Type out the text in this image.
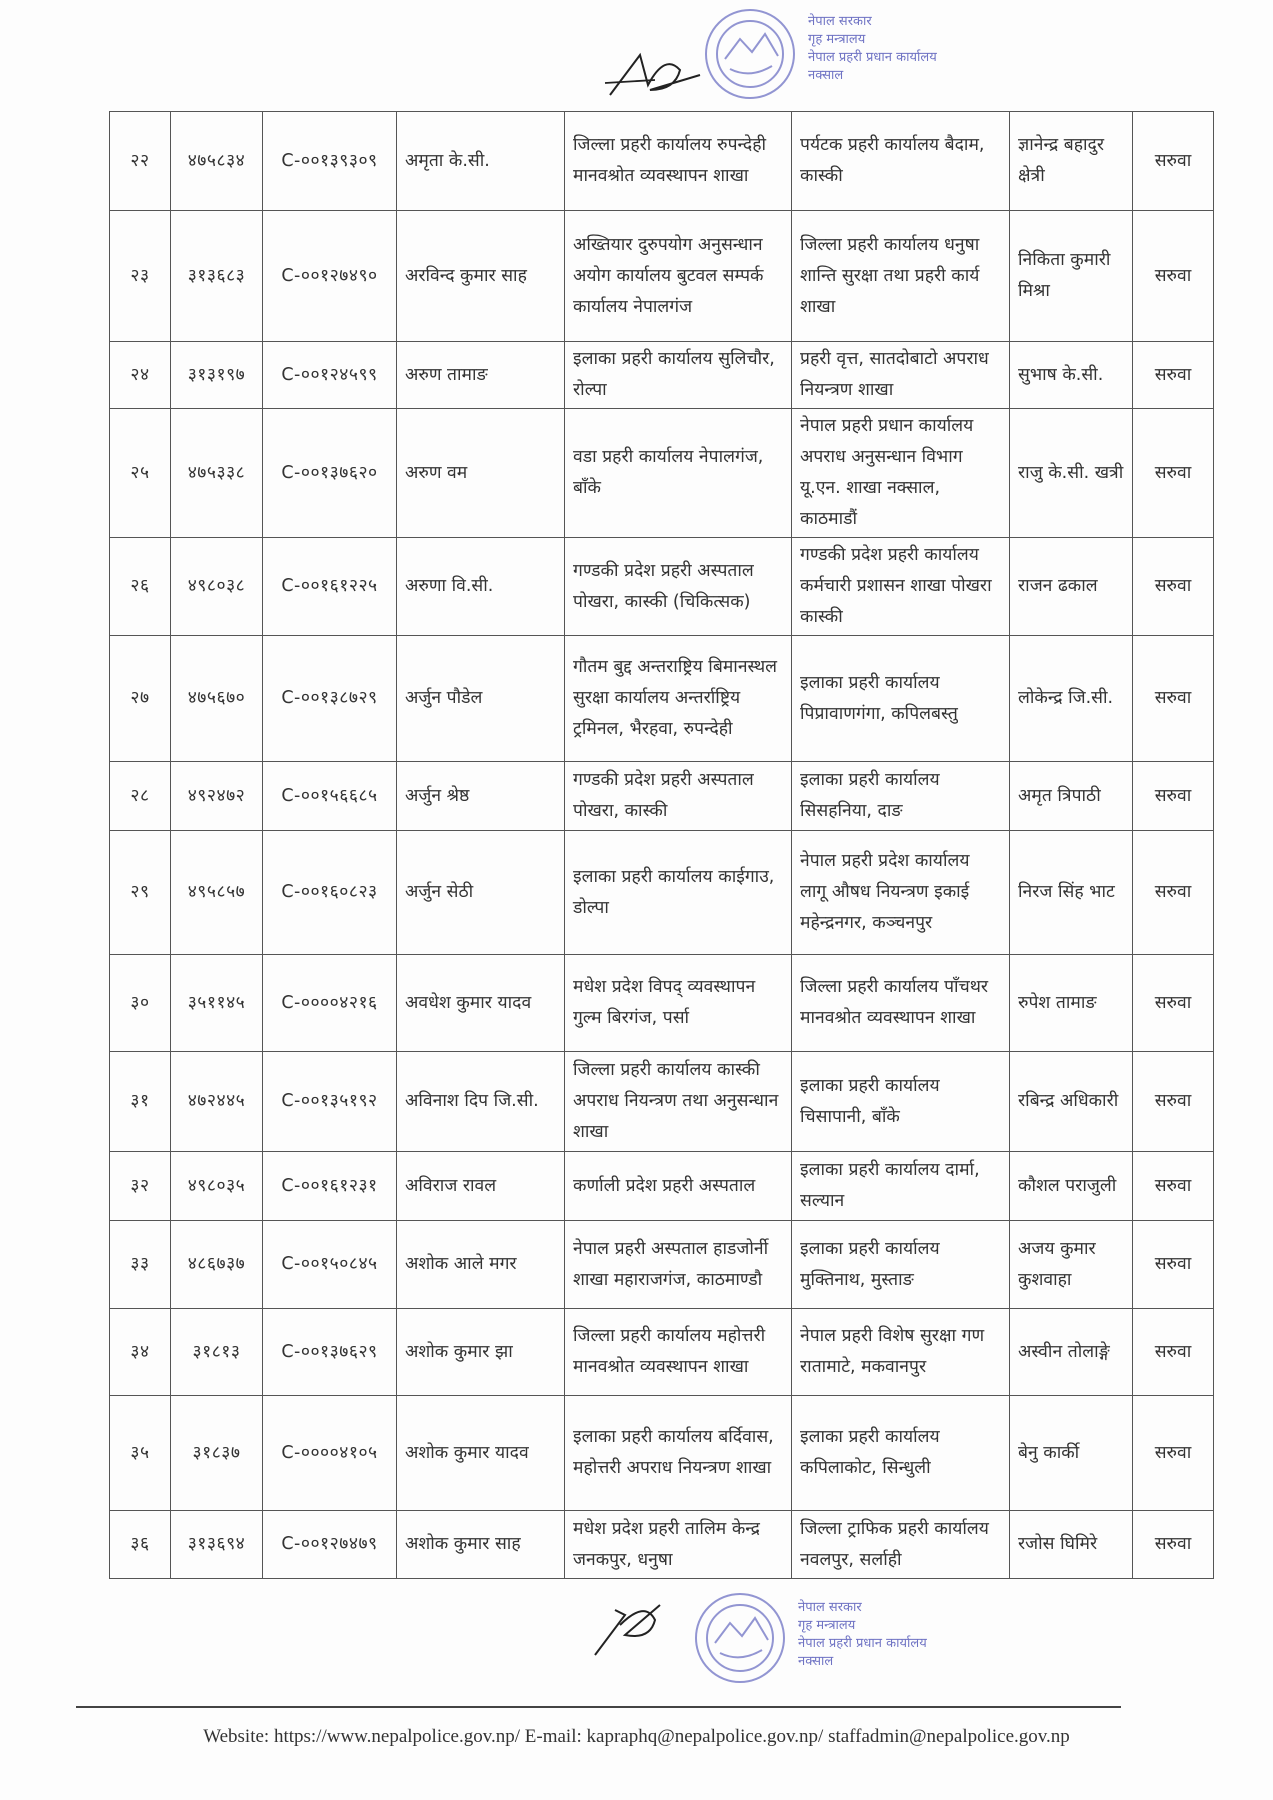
नेपाल सरकार
गृह मन्त्रालय
नेपाल प्रहरी प्रधान कार्यालय
नक्साल
२२	४७५८३४	C-००१३९३०९	अमृता के.सी.	जिल्ला प्रहरी कार्यालय रुपन्देही मानवश्रोत व्यवस्थापन शाखा	पर्यटक प्रहरी कार्यालय बैदाम, कास्की	ज्ञानेन्द्र बहादुर क्षेत्री	सरुवा
२३	३१३६८३	C-००१२७४९०	अरविन्द कुमार साह	अख्तियार दुरुपयोग अनुसन्धान अयोग कार्यालय बुटवल सम्पर्क कार्यालय नेपालगंज	जिल्ला प्रहरी कार्यालय धनुषा शान्ति सुरक्षा तथा प्रहरी कार्य शाखा	निकिता कुमारी मिश्रा	सरुवा
२४	३१३१९७	C-००१२४५९९	अरुण तामाङ	इलाका प्रहरी कार्यालय सुलिचौर, रोल्पा	प्रहरी वृत्त, सातदोबाटो अपराध नियन्त्रण शाखा	सुभाष के.सी.	सरुवा
२५	४७५३३८	C-००१३७६२०	अरुण वम	वडा प्रहरी कार्यालय नेपालगंज, बाँके	नेपाल प्रहरी प्रधान कार्यालय अपराध अनुसन्धान विभाग यू.एन. शाखा नक्साल, काठमाडौं	राजु के.सी. खत्री	सरुवा
२६	४९८०३८	C-००१६१२२५	अरुणा वि.सी.	गण्डकी प्रदेश प्रहरी अस्पताल पोखरा, कास्की (चिकित्सक)	गण्डकी प्रदेश प्रहरी कार्यालय कर्मचारी प्रशासन शाखा पोखरा कास्की	राजन ढकाल	सरुवा
२७	४७५६७०	C-००१३८७२९	अर्जुन पौडेल	गौतम बुद्द अन्तराष्ट्रिय बिमानस्थल सुरक्षा कार्यालय अन्तर्राष्ट्रिय ट्रमिनल, भैरहवा, रुपन्देही	इलाका प्रहरी कार्यालय पिप्रावाणगंगा, कपिलबस्तु	लोकेन्द्र जि.सी.	सरुवा
२८	४९२४७२	C-००१५६६८५	अर्जुन श्रेष्ठ	गण्डकी प्रदेश प्रहरी अस्पताल पोखरा, कास्की	इलाका प्रहरी कार्यालय सिसहनिया, दाङ	अमृत त्रिपाठी	सरुवा
२९	४९५८५७	C-००१६०८२३	अर्जुन सेठी	इलाका प्रहरी कार्यालय काईगाउ, डोल्पा	नेपाल प्रहरी प्रदेश कार्यालय लागू औषध नियन्त्रण इकाई महेन्द्रनगर, कञ्चनपुर	निरज सिंह भाट	सरुवा
३०	३५११४५	C-००००४२१६	अवधेश कुमार यादव	मधेश प्रदेश विपद् व्यवस्थापन गुल्म बिरगंज, पर्सा	जिल्ला प्रहरी कार्यालय पाँचथर मानवश्रोत व्यवस्थापन शाखा	रुपेश तामाङ	सरुवा
३१	४७२४४५	C-००१३५१९२	अविनाश दिप जि.सी.	जिल्ला प्रहरी कार्यालय कास्की अपराध नियन्त्रण तथा अनुसन्धान शाखा	इलाका प्रहरी कार्यालय चिसापानी, बाँके	रबिन्द्र अधिकारी	सरुवा
३२	४९८०३५	C-००१६१२३१	अविराज रावल	कर्णाली प्रदेश प्रहरी अस्पताल	इलाका प्रहरी कार्यालय दार्मा, सल्यान	कौशल पराजुली	सरुवा
३३	४८६७३७	C-००१५०८४५	अशोक आले मगर	नेपाल प्रहरी अस्पताल हाडजोर्नी शाखा महाराजगंज, काठमाण्डौ	इलाका प्रहरी कार्यालय मुक्तिनाथ, मुस्ताङ	अजय कुमार कुशवाहा	सरुवा
३४	३१८१३	C-००१३७६२९	अशोक कुमार झा	जिल्ला प्रहरी कार्यालय महोत्तरी मानवश्रोत व्यवस्थापन शाखा	नेपाल प्रहरी विशेष सुरक्षा गण रातामाटे, मकवानपुर	अस्वीन तोलाङ्गे	सरुवा
३५	३१८३७	C-००००४१०५	अशोक कुमार यादव	इलाका प्रहरी कार्यालय बर्दिवास, महोत्तरी अपराध नियन्त्रण शाखा	इलाका प्रहरी कार्यालय कपिलाकोट, सिन्धुली	बेनु कार्की	सरुवा
३६	३१३६९४	C-००१२७४७९	अशोक कुमार साह	मधेश प्रदेश प्रहरी तालिम केन्द्र जनकपुर, धनुषा	जिल्ला ट्राफिक प्रहरी कार्यालय नवलपुर, सर्लाही	रजोस घिमिरे	सरुवा
नेपाल सरकार
गृह मन्त्रालय
नेपाल प्रहरी प्रधान कार्यालय
नक्साल
Website: https://www.nepalpolice.gov.np/ E-mail: kapraphq@nepalpolice.gov.np/ staffadmin@nepalpolice.gov.np
